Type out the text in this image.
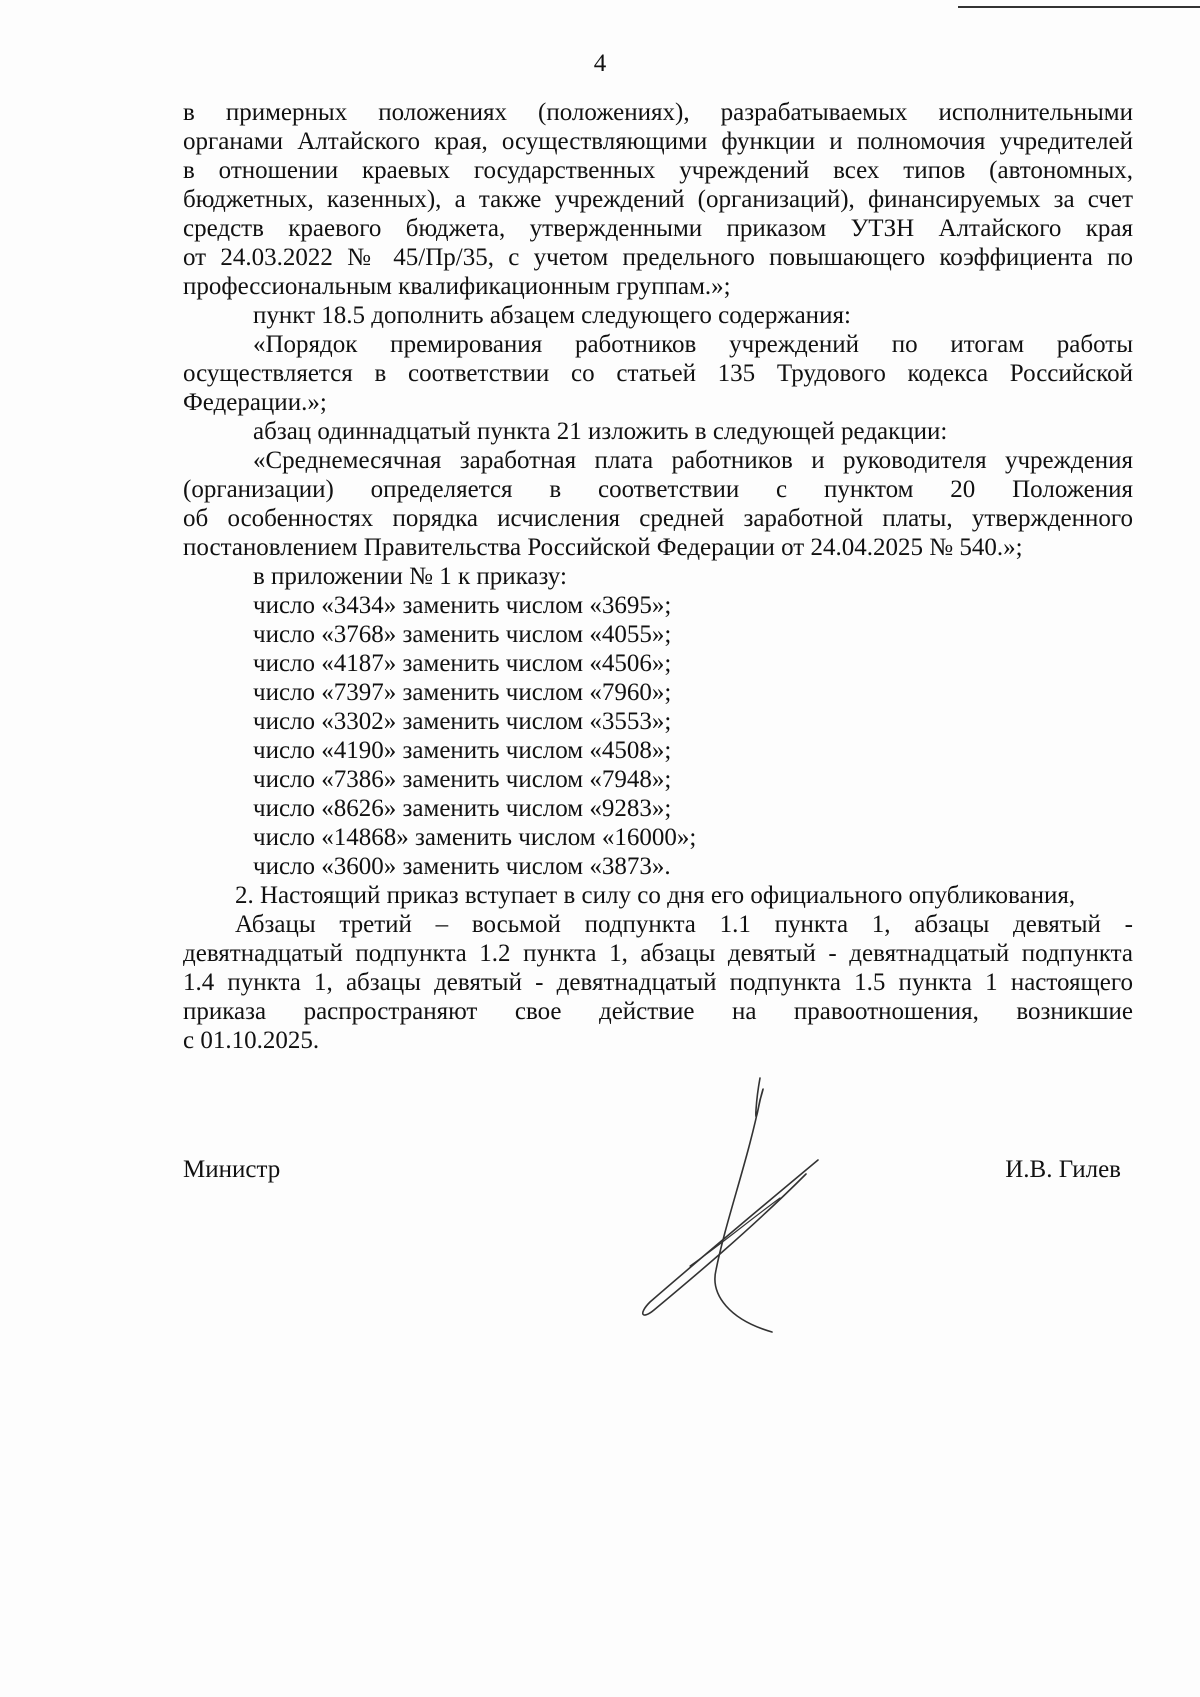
4

в примерных положениях (положениях), разрабатываемых исполнительными

органами Алтайского края, осуществляющими функции и полномочия учредителей

в отношении краевых государственных учреждений всех типов (автономных,

бюджетных, казенных), а также учреждений (организаций), финансируемых за счет

средств краевого бюджета, утвержденными приказом УТЗН Алтайского края

от 24.03.2022 № 45/Пр/35, с учетом предельного повышающего коэффициента по

профессиональным квалификационным группам.»;

пункт 18.5 дополнить абзацем следующего содержания:

«Порядок премирования работников учреждений по итогам работы

осуществляется в соответствии со статьей 135 Трудового кодекса Российской

Федерации.»;

абзац одиннадцатый пункта 21 изложить в следующей редакции:

«Среднемесячная заработная плата работников и руководителя учреждения

(организации) определяется в соответствии с пунктом 20 Положения

об особенностях порядка исчисления средней заработной платы, утвержденного

постановлением Правительства Российской Федерации от 24.04.2025 № 540.»;

в приложении № 1 к приказу:

число «3434» заменить числом «3695»;

число «3768» заменить числом «4055»;

число «4187» заменить числом «4506»;

число «7397» заменить числом «7960»;

число «3302» заменить числом «3553»;

число «4190» заменить числом «4508»;

число «7386» заменить числом «7948»;

число «8626» заменить числом «9283»;

число «14868» заменить числом «16000»;

число «3600» заменить числом «3873».

2. Настоящий приказ вступает в силу со дня его официального опубликования,

Абзацы третий – восьмой подпункта 1.1 пункта 1, абзацы девятый -

девятнадцатый подпункта 1.2 пункта 1, абзацы девятый - девятнадцатый подпункта

1.4 пункта 1, абзацы девятый - девятнадцатый подпункта 1.5 пункта 1 настоящего

приказа распространяют свое действие на правоотношения, возникшие

с 01.10.2025.

Министр	И.В. Гилев
